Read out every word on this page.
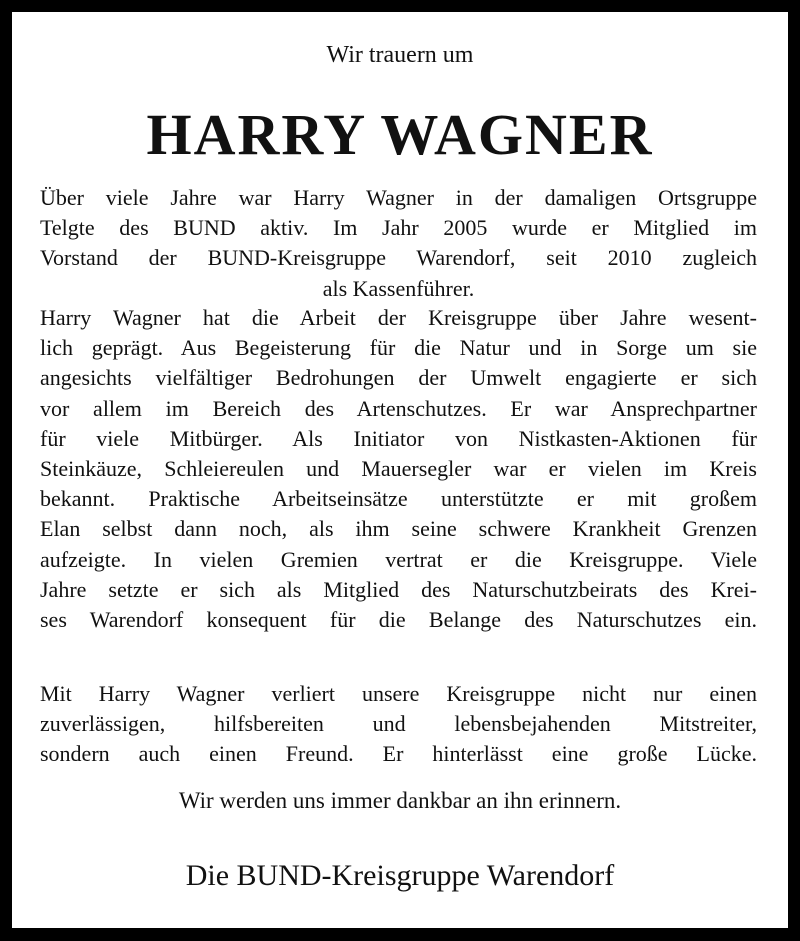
Wir trauern um
HARRY WAGNER
Über viele Jahre war Harry Wagner in der damaligen Ortsgruppe
Telgte des BUND aktiv. Im Jahr 2005 wurde er Mitglied im
Vorstand der BUND-Kreisgruppe Warendorf, seit 2010 zugleich
als Kassenführer.
Harry Wagner hat die Arbeit der Kreisgruppe über Jahre wesent-
lich geprägt. Aus Begeisterung für die Natur und in Sorge um sie
angesichts vielfältiger Bedrohungen der Umwelt engagierte er sich
vor allem im Bereich des Artenschutzes. Er war Ansprechpartner
für viele Mitbürger. Als Initiator von Nistkasten-Aktionen für
Steinkäuze, Schleiereulen und Mauersegler war er vielen im Kreis
bekannt. Praktische Arbeitseinsätze unterstützte er mit großem
Elan selbst dann noch, als ihm seine schwere Krankheit Grenzen
aufzeigte. In vielen Gremien vertrat er die Kreisgruppe. Viele
Jahre setzte er sich als Mitglied des Naturschutzbeirats des Krei-
ses Warendorf konsequent für die Belange des Naturschutzes ein.
Mit Harry Wagner verliert unsere Kreisgruppe nicht nur einen
zuverlässigen, hilfsbereiten und lebensbejahenden Mitstreiter,
sondern auch einen Freund. Er hinterlässt eine große Lücke.
Wir werden uns immer dankbar an ihn erinnern.
Die BUND-Kreisgruppe Warendorf
